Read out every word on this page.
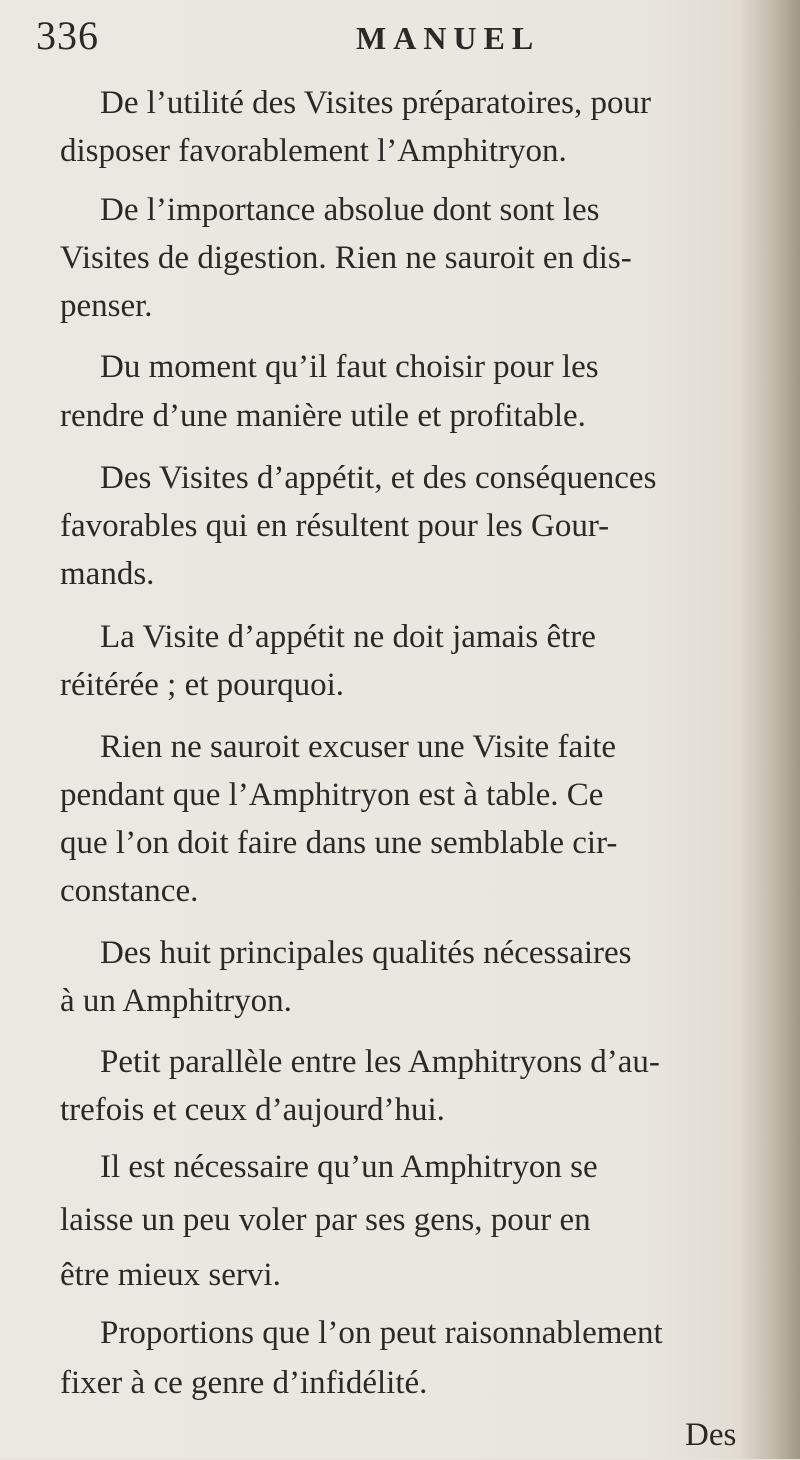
336	MANUEL
De l’utilité des Visites préparatoires, pour
disposer favorablement l’Amphitryon.
De l’importance absolue dont sont les
Visites de digestion. Rien ne sauroit en dis-
penser.
Du moment qu’il faut choisir pour les
rendre d’une manière utile et profitable.
Des Visites d’appétit, et des conséquences
favorables qui en résultent pour les Gour-
mands.
La Visite d’appétit ne doit jamais être
réitérée ; et pourquoi.
Rien ne sauroit excuser une Visite faite
pendant que l’Amphitryon est à table. Ce
que l’on doit faire dans une semblable cir-
constance.
Des huit principales qualités nécessaires
à un Amphitryon.
Petit parallèle entre les Amphitryons d’au-
trefois et ceux d’aujourd’hui.
Il est nécessaire qu’un Amphitryon se
laisse un peu voler par ses gens, pour en
être mieux servi.
Proportions que l’on peut raisonnablement
fixer à ce genre d’infidélité.
Des
